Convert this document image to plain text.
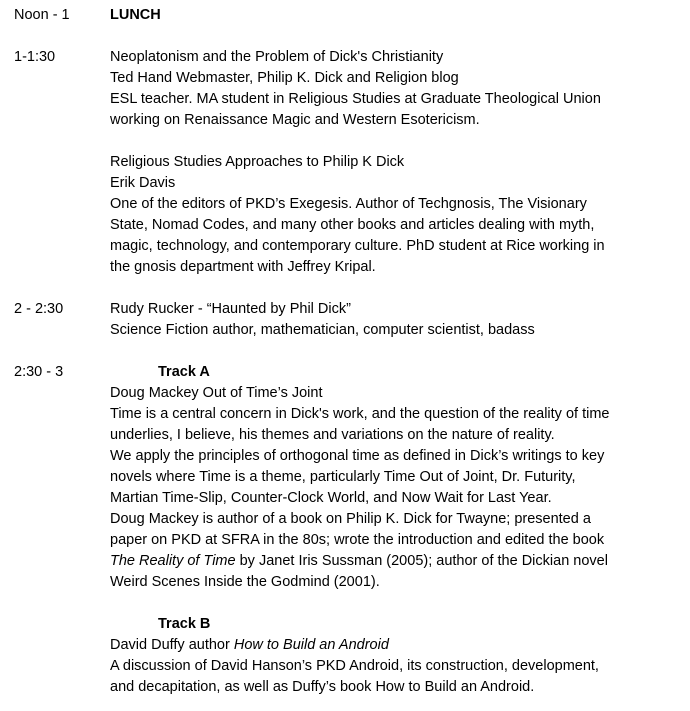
Noon - 1	LUNCH
1-1:30	Neoplatonism and the Problem of Dick's Christianity
Ted Hand Webmaster, Philip K. Dick and Religion blog
ESL teacher. MA student in Religious Studies at Graduate Theological Union
working on Renaissance Magic and Western Esotericism.
Religious Studies Approaches to Philip K Dick
Erik Davis
One of the editors of PKD’s Exegesis. Author of Techgnosis, The Visionary
State, Nomad Codes, and many other books and articles dealing with myth,
magic, technology, and contemporary culture. PhD student at Rice working in
the gnosis department with Jeffrey Kripal.
2 - 2:30	Rudy Rucker - “Haunted by Phil Dick”
Science Fiction author, mathematician, computer scientist, badass
2:30 - 3	Track A
Doug Mackey Out of Time’s Joint
Time is a central concern in Dick's work, and the question of the reality of time
underlies, I believe, his themes and variations on the nature of reality.
We apply the principles of orthogonal time as defined in Dick’s writings to key
novels where Time is a theme, particularly Time Out of Joint, Dr. Futurity,
Martian Time-Slip, Counter-Clock World, and Now Wait for Last Year.
Doug Mackey is author of a book on Philip K. Dick for Twayne; presented a
paper on PKD at SFRA in the 80s; wrote the introduction and edited the book
The Reality of Time by Janet Iris Sussman (2005); author of the Dickian novel
Weird Scenes Inside the Godmind (2001).
Track B
David Duffy author How to Build an Android
A discussion of David Hanson’s PKD Android, its construction, development,
and decapitation, as well as Duffy’s book How to Build an Android.
